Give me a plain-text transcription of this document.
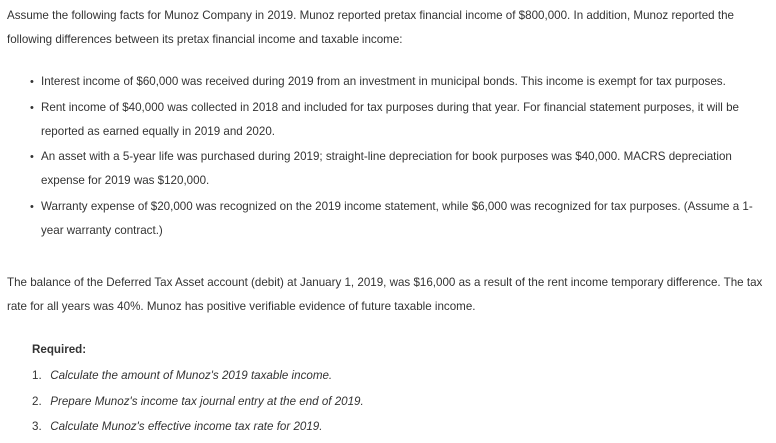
Assume the following facts for Munoz Company in 2019. Munoz reported pretax financial income of $800,000. In addition, Munoz reported the following differences between its pretax financial income and taxable income:

• Interest income of $60,000 was received during 2019 from an investment in municipal bonds. This income is exempt for tax purposes.
• Rent income of $40,000 was collected in 2018 and included for tax purposes during that year. For financial statement purposes, it will be reported as earned equally in 2019 and 2020.
• An asset with a 5-year life was purchased during 2019; straight-line depreciation for book purposes was $40,000. MACRS depreciation expense for 2019 was $120,000.
• Warranty expense of $20,000 was recognized on the 2019 income statement, while $6,000 was recognized for tax purposes. (Assume a 1-year warranty contract.)

The balance of the Deferred Tax Asset account (debit) at January 1, 2019, was $16,000 as a result of the rent income temporary difference. The tax rate for all years was 40%. Munoz has positive verifiable evidence of future taxable income.

Required:

1. Calculate the amount of Munoz's 2019 taxable income.
2. Prepare Munoz's income tax journal entry at the end of 2019.
3. Calculate Munoz's effective income tax rate for 2019.
